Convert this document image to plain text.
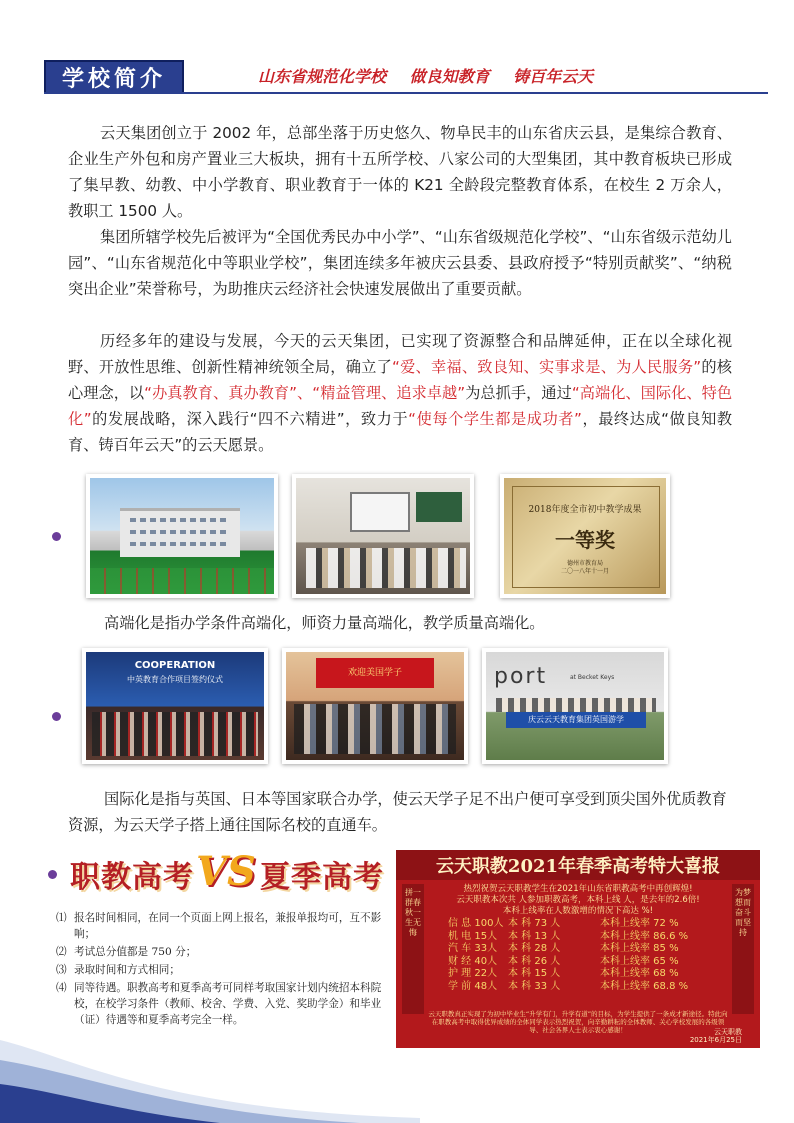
学校简介	山东省规范化学校 做良知教育 铸百年云天
云天集团创立于 2002 年，总部坐落于历史悠久、物阜民丰的山东省庆云县，是集综合教育、企业生产外包和房产置业三大板块，拥有十五所学校、八家公司的大型集团，其中教育板块已形成了集早教、幼教、中小学教育、职业教育于一体的 K21 全龄段完整教育体系，在校生 2 万余人，教职工 1500 人。
集团所辖学校先后被评为“全国优秀民办中小学”、“山东省级规范化学校”、“山东省级示范幼儿园”、“山东省规范化中等职业学校”，集团连续多年被庆云县委、县政府授予“特别贡献奖”、“纳税突出企业”荣誉称号，为助推庆云经济社会快速发展做出了重要贡献。
历经多年的建设与发展，今天的云天集团，已实现了资源整合和品牌延伸，正在以全球化视野、开放性思维、创新性精神统领全局，确立了“爱、幸福、致良知、实事求是、为人民服务”的核心理念，以“办真教育、真办教育”、“精益管理、追求卓越”为总抓手，通过“高端化、国际化、特色化”的发展战略，深入践行“四不六精进”，致力于“使每个学生都是成功者”，最终达成“做良知教育、铸百年云天”的云天愿景。
2018年度全市初中教学成果
一等奖
德州市教育局
二〇一八年十一月
高端化是指办学条件高端化，师资力量高端化，教学质量高端化。
COOPERATION
中英教育合作项目签约仪式
欢迎美国学子	port	at Becket Keys
庆云云天教育集团英国游学
国际化是指与英国、日本等国家联合办学，使云天学子足不出户便可享受到顶尖国外优质教育资源，为云天学子搭上通往国际名校的直通车。
职教高考 VS 夏季高考
⑴ 报名时间相同，在同一个页面上网上报名，兼报单报均可，互不影响；
⑵ 考试总分值都是 750 分；
⑶ 录取时间和方式相同；
⑷ 同等待遇。职教高考和夏季高考可同样考取国家计划内统招本科院校，在校学习条件（教师、校舍、学费、入党、奖助学金）和毕业（证）待遇等和夏季高考完全一样。
云天职教2021年春季高考特大喜报
热烈祝贺云天职教学生在2021年山东省职教高考中再创辉煌!
云天职教本次共 人参加职教高考，本科上线 人，是去年的2.6倍!
本科上线率在人数激增的情况下高达 %!
拼一群春秋一生无悔
为梦想而奋斗而坚持
信 息 100人 本 科 73 人	本科上线率 72 %
机 电 15人	本 科 13 人	本科上线率 86.6 %
汽 车 33人	本 科 28 人	本科上线率 85 %
财 经 40人	本 科 26 人	本科上线率 65 %
护 理 22人	本 科 15 人	本科上线率 68 %
学 前 48人	本 科 33 人	本科上线率 68.8 %
云天职教真正实现了为初中毕业生“升学有门，升学有道”的目标，为学生提供了一条成才新途径。特此向在职教高考中取得优异成绩的全体同学表示热烈祝贺，向辛勤耕耘的全体教师、关心学校发展的各级领导、社会各界人士表示衷心感谢！	云天职教
2021年6月25日
